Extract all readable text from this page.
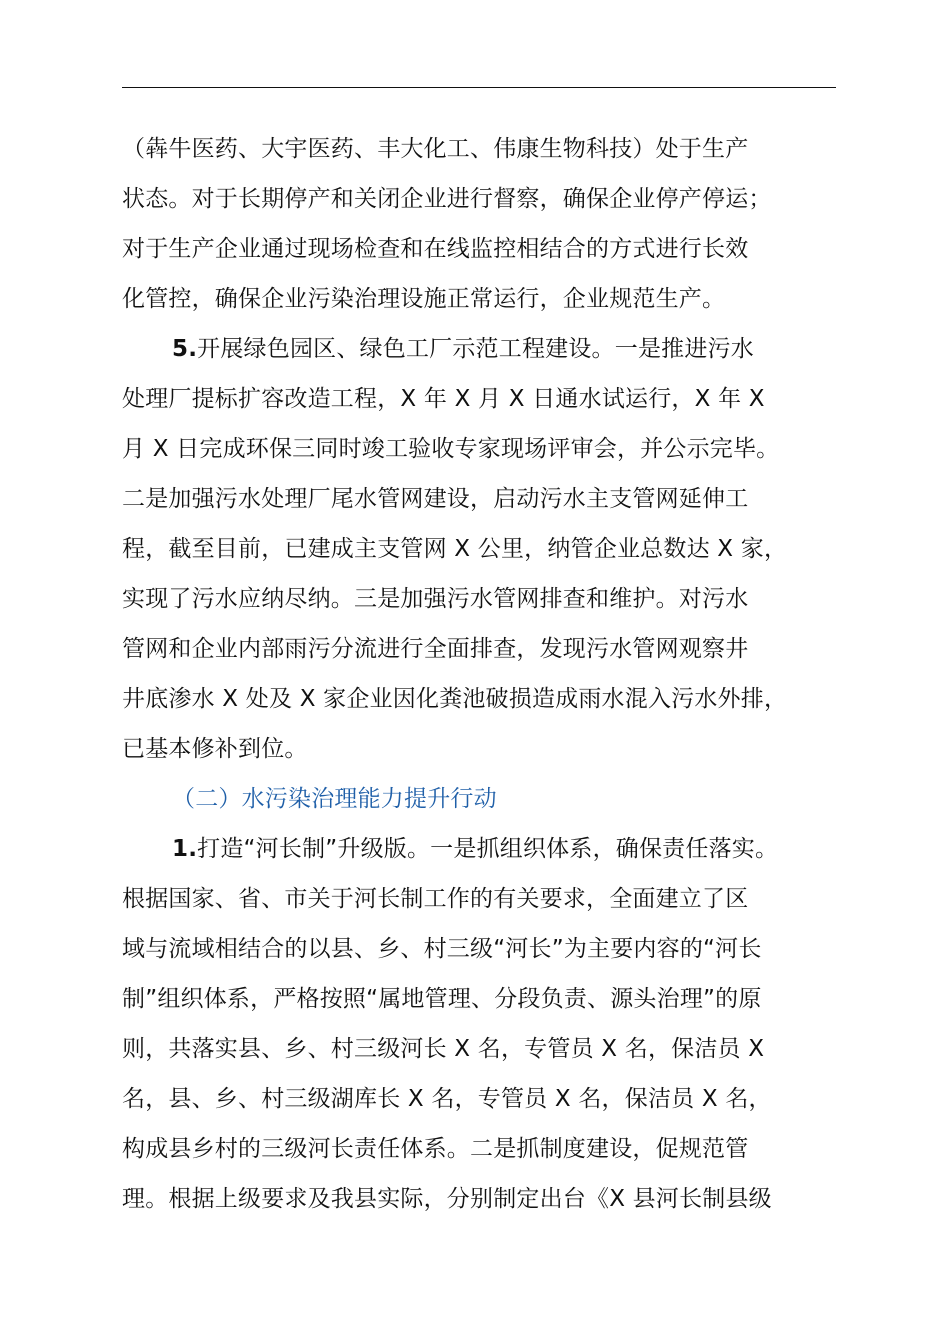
（犇牛医药、大宇医药、丰大化工、伟康生物科技）处于生产
状态。对于长期停产和关闭企业进行督察，确保企业停产停运；
对于生产企业通过现场检查和在线监控相结合的方式进行长效
化管控，确保企业污染治理设施正常运行，企业规范生产。
5.开展绿色园区、绿色工厂示范工程建设。一是推进污水
处理厂提标扩容改造工程，X 年 X 月 X 日通水试运行，X 年 X
月 X 日完成环保三同时竣工验收专家现场评审会，并公示完毕。
二是加强污水处理厂尾水管网建设，启动污水主支管网延伸工
程，截至目前，已建成主支管网 X 公里，纳管企业总数达 X 家，
实现了污水应纳尽纳。三是加强污水管网排查和维护。对污水
管网和企业内部雨污分流进行全面排查，发现污水管网观察井
井底渗水 X 处及 X 家企业因化粪池破损造成雨水混入污水外排，
已基本修补到位。
（二）水污染治理能力提升行动
1.打造“河长制”升级版。一是抓组织体系，确保责任落实。
根据国家、省、市关于河长制工作的有关要求，全面建立了区
域与流域相结合的以县、乡、村三级“河长”为主要内容的“河长
制”组织体系，严格按照“属地管理、分段负责、源头治理”的原
则，共落实县、乡、村三级河长 X 名，专管员 X 名，保洁员 X
名，县、乡、村三级湖库长 X 名，专管员 X 名，保洁员 X 名，
构成县乡村的三级河长责任体系。二是抓制度建设，促规范管
理。根据上级要求及我县实际，分别制定出台《X 县河长制县级
